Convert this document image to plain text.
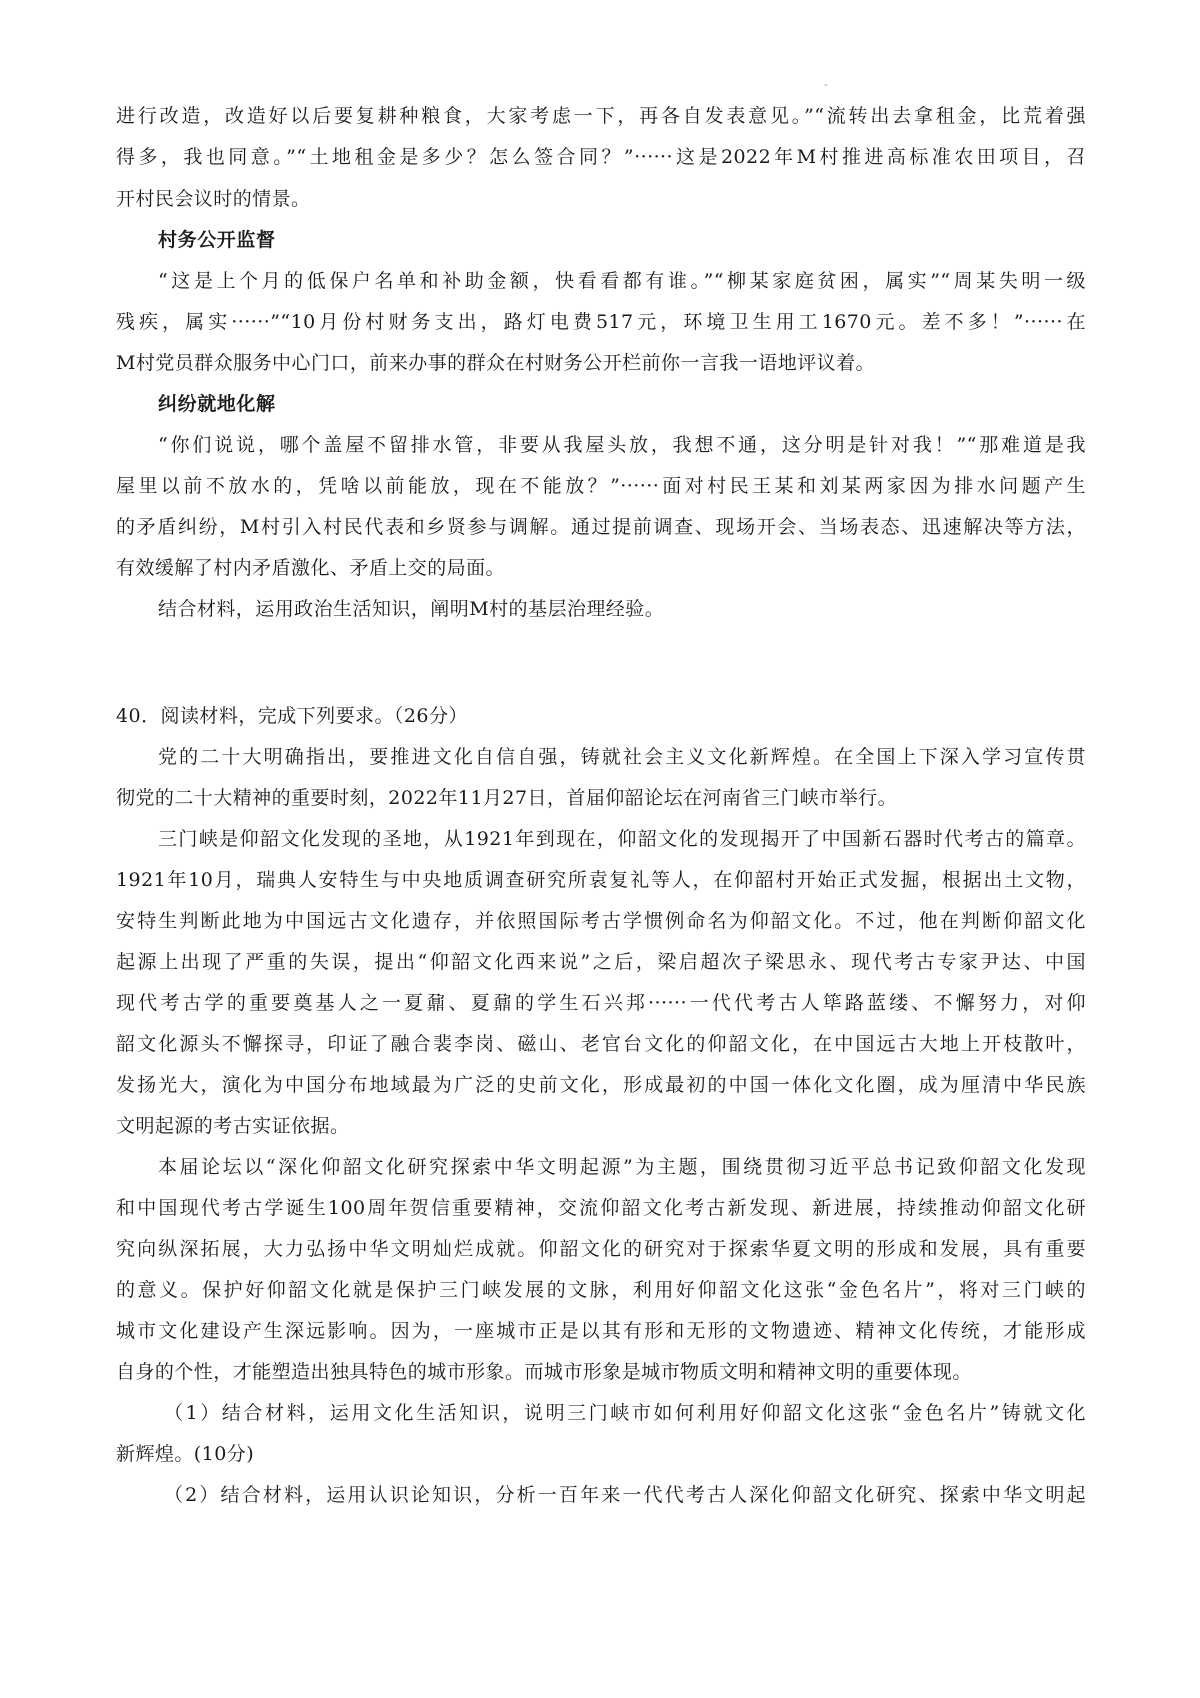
-

进行改造，改造好以后要复耕种粮食，大家考虑一下，再各自发表意见。”“流转出去拿租金，比荒着强

得多，我也同意。”“土地租金是多少？怎么签合同？”······这是2022年M村推进高标准农田项目，召

开村民会议时的情景。

村务公开监督

“这是上个月的低保户名单和补助金额，快看看都有谁。”“柳某家庭贫困，属实”“周某失明一级

残疾，属实······”“10月份村财务支出，路灯电费517元，环境卫生用工1670元。差不多！”······在

M村党员群众服务中心门口，前来办事的群众在村财务公开栏前你一言我一语地评议着。

纠纷就地化解

“你们说说，哪个盖屋不留排水管，非要从我屋头放，我想不通，这分明是针对我！”“那难道是我

屋里以前不放水的，凭啥以前能放，现在不能放？”······面对村民王某和刘某两家因为排水问题产生

的矛盾纠纷，M村引入村民代表和乡贤参与调解。通过提前调查、现场开会、当场表态、迅速解决等方法，

有效缓解了村内矛盾激化、矛盾上交的局面。

结合材料，运用政治生活知识，阐明M村的基层治理经验。

40．阅读材料，完成下列要求。（26分）

党的二十大明确指出，要推进文化自信自强，铸就社会主义文化新辉煌。在全国上下深入学习宣传贯

彻党的二十大精神的重要时刻，2022年11月27日，首届仰韶论坛在河南省三门峡市举行。

三门峡是仰韶文化发现的圣地，从1921年到现在，仰韶文化的发现揭开了中国新石器时代考古的篇章。

1921年10月，瑞典人安特生与中央地质调查研究所袁复礼等人，在仰韶村开始正式发掘，根据出土文物，

安特生判断此地为中国远古文化遗存，并依照国际考古学惯例命名为仰韶文化。不过，他在判断仰韶文化

起源上出现了严重的失误，提出“仰韶文化西来说”之后，梁启超次子梁思永、现代考古专家尹达、中国

现代考古学的重要奠基人之一夏鼐、夏鼐的学生石兴邦······一代代考古人筚路蓝缕、不懈努力，对仰

韶文化源头不懈探寻，印证了融合裴李岗、磁山、老官台文化的仰韶文化，在中国远古大地上开枝散叶，

发扬光大，演化为中国分布地域最为广泛的史前文化，形成最初的中国一体化文化圈，成为厘清中华民族

文明起源的考古实证依据。

本届论坛以“深化仰韶文化研究探索中华文明起源”为主题，围绕贯彻习近平总书记致仰韶文化发现

和中国现代考古学诞生100周年贺信重要精神，交流仰韶文化考古新发现、新进展，持续推动仰韶文化研

究向纵深拓展，大力弘扬中华文明灿烂成就。仰韶文化的研究对于探索华夏文明的形成和发展，具有重要

的意义。保护好仰韶文化就是保护三门峡发展的文脉，利用好仰韶文化这张“金色名片”，将对三门峡的

城市文化建设产生深远影响。因为，一座城市正是以其有形和无形的文物遗迹、精神文化传统，才能形成

自身的个性，才能塑造出独具特色的城市形象。而城市形象是城市物质文明和精神文明的重要体现。

（1）结合材料，运用文化生活知识，说明三门峡市如何利用好仰韶文化这张“金色名片”铸就文化

新辉煌。(10分)

（2）结合材料，运用认识论知识，分析一百年来一代代考古人深化仰韶文化研究、探索中华文明起
